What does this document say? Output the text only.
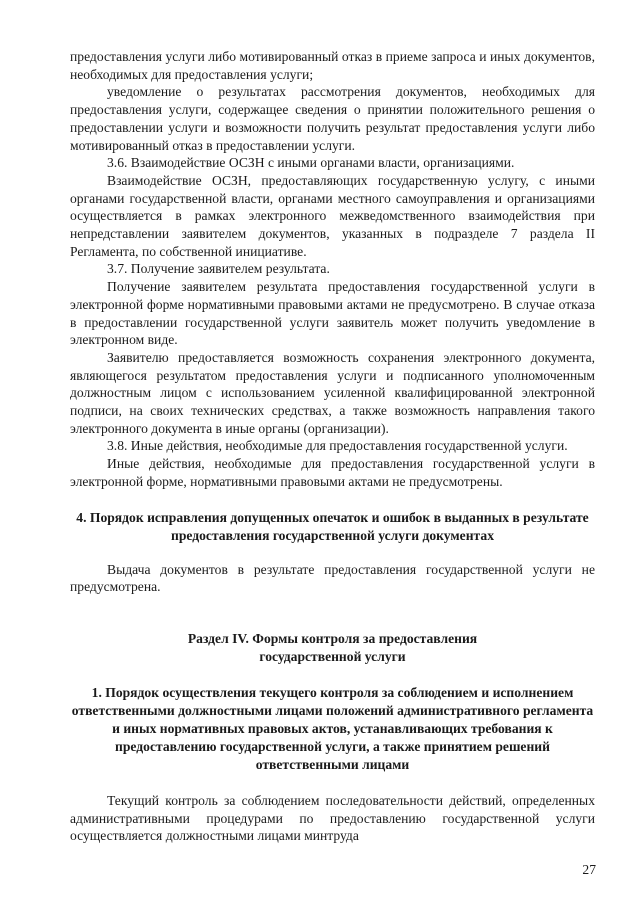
предоставления услуги либо мотивированный отказ в приеме запроса и иных документов, необходимых для предоставления услуги;

уведомление о результатах рассмотрения документов, необходимых для предоставления услуги, содержащее сведения о принятии положительного решения о предоставлении услуги и возможности получить результат предоставления услуги либо мотивированный отказ в предоставлении услуги.

3.6. Взаимодействие ОСЗН с иными органами власти, организациями.

Взаимодействие ОСЗН, предоставляющих государственную услугу, с иными органами государственной власти, органами местного самоуправления и организациями осуществляется в рамках электронного межведомственного взаимодействия при непредставлении заявителем документов, указанных в подразделе 7 раздела II Регламента, по собственной инициативе.

3.7. Получение заявителем результата.

Получение заявителем результата предоставления государственной услуги в электронной форме нормативными правовыми актами не предусмотрено. В случае отказа в предоставлении государственной услуги заявитель может получить уведомление в электронном виде.

Заявителю предоставляется возможность сохранения электронного документа, являющегося результатом предоставления услуги и подписанного уполномоченным должностным лицом с использованием усиленной квалифицированной электронной подписи, на своих технических средствах, а также возможность направления такого электронного документа в иные органы (организации).

3.8. Иные действия, необходимые для предоставления государственной услуги.

Иные действия, необходимые для предоставления государственной услуги в электронной форме, нормативными правовыми актами не предусмотрены.

4. Порядок исправления допущенных опечаток и ошибок в выданных в результате предоставления государственной услуги документах

Выдача документов в результате предоставления государственной услуги не предусмотрена.

Раздел IV. Формы контроля за предоставления

государственной услуги

1. Порядок осуществления текущего контроля за соблюдением и исполнением ответственными должностными лицами положений административного регламента и иных нормативных правовых актов, устанавливающих требования к предоставлению государственной услуги, а также принятием решений ответственными лицами

Текущий контроль за соблюдением последовательности действий, определенных административными процедурами по предоставлению государственной услуги осуществляется должностными лицами минтруда

27
